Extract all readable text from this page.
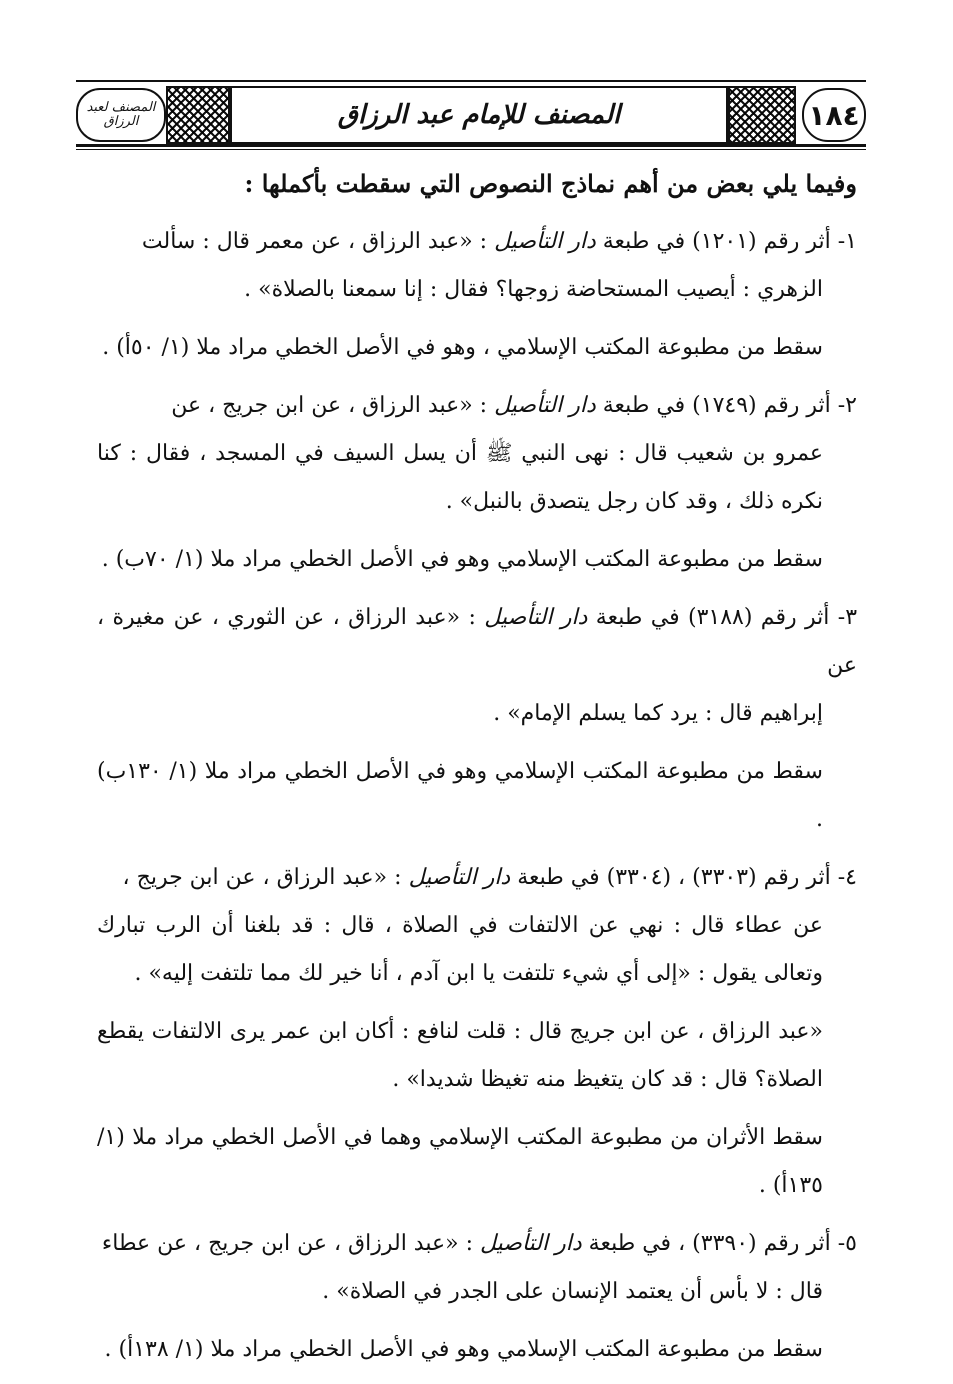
المصنف لعبد الرزاق	المصنف للإمام عبد الرزاق	١٨٤

وفيما يلي بعض من أهم نماذج النصوص التي سقطت بأكملها :

١- أثر رقم (١٢٠١) في طبعة دار التأصيل : «عبد الرزاق ، عن معمر قال : سألت
الزهري : أيصيب المستحاضة زوجها؟ فقال : إنا سمعنا بالصلاة» .

سقط من مطبوعة المكتب الإسلامي ، وهو في الأصل الخطي مراد ملا (١/ ٥٠أ) .

٢- أثر رقم (١٧٤٩) في طبعة دار التأصيل : «عبد الرزاق ، عن ابن جريج ، عن
عمرو بن شعيب قال : نهى النبي ﷺ أن يسل السيف في المسجد ، فقال : كنا نكره ذلك ، وقد كان رجل يتصدق بالنبل» .

سقط من مطبوعة المكتب الإسلامي وهو في الأصل الخطي مراد ملا (١/ ٧٠ب) .

٣- أثر رقم (٣١٨٨) في طبعة دار التأصيل : «عبد الرزاق ، عن الثوري ، عن مغيرة ، عن
إبراهيم قال : يرد كما يسلم الإمام» .

سقط من مطبوعة المكتب الإسلامي وهو في الأصل الخطي مراد ملا (١/ ١٣٠ب) .

٤- أثر رقم (٣٣٠٣) ، (٣٣٠٤) في طبعة دار التأصيل : «عبد الرزاق ، عن ابن جريج ،
عن عطاء قال : نهي عن الالتفات في الصلاة ، قال : قد بلغنا أن الرب تبارك وتعالى يقول : «إلى أي شيء تلتفت يا ابن آدم ، أنا خير لك مما تلتفت إليه» .

«عبد الرزاق ، عن ابن جريج قال : قلت لنافع : أكان ابن عمر يرى الالتفات يقطع الصلاة؟ قال : قد كان يتغيظ منه تغيظا شديدا» .

سقط الأثران من مطبوعة المكتب الإسلامي وهما في الأصل الخطي مراد ملا (١/ ١٣٥أ) .

٥- أثر رقم (٣٣٩٠) ، في طبعة دار التأصيل : «عبد الرزاق ، عن ابن جريج ، عن عطاء
قال : لا بأس أن يعتمد الإنسان على الجدر في الصلاة» .

سقط من مطبوعة المكتب الإسلامي وهو في الأصل الخطي مراد ملا (١/ ١٣٨أ) .
